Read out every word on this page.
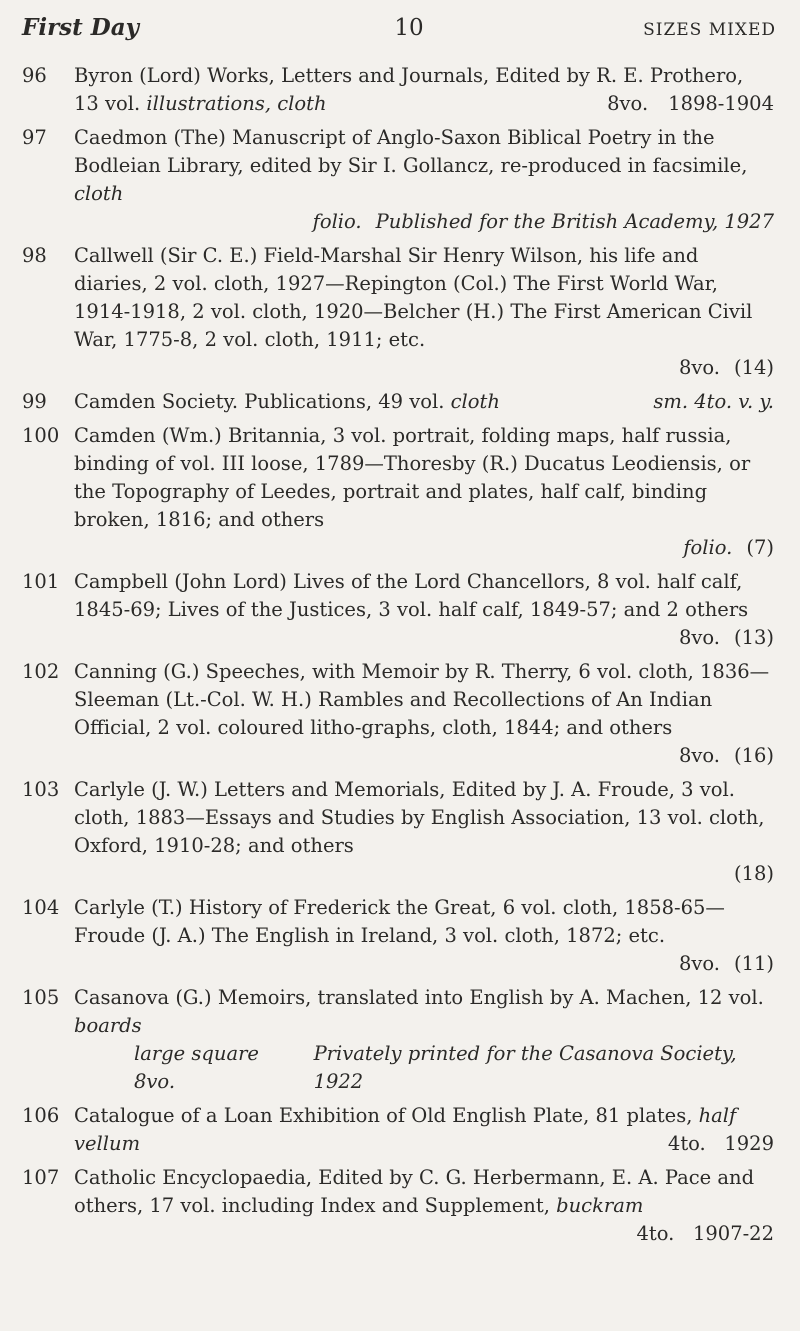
First Day	10	SIZES MIXED
96	Byron (Lord) Works, Letters and Journals, Edited by R. E. Prothero, 13 vol. illustrations, cloth	8vo. 1898-1904
97	Caedmon (The) Manuscript of Anglo-Saxon Biblical Poetry in the Bodleian Library, edited by Sir I. Gollancz, re-produced in facsimile, cloth
folio. Published for the British Academy, 1927
98	Callwell (Sir C. E.) Field-Marshal Sir Henry Wilson, his life and diaries, 2 vol. cloth, 1927—Repington (Col.) The First World War, 1914-1918, 2 vol. cloth, 1920—Belcher (H.) The First American Civil War, 1775-8, 2 vol. cloth, 1911; etc.
8vo. (14)
99	Camden Society. Publications, 49 vol. cloth	sm. 4to. v. y.
100 Camden (Wm.) Britannia, 3 vol. portrait, folding maps, half russia, binding of vol. III loose, 1789—Thoresby (R.) Ducatus Leodiensis, or the Topography of Leedes, portrait and plates, half calf, binding broken, 1816; and others
folio. (7)
101 Campbell (John Lord) Lives of the Lord Chancellors, 8 vol. half calf, 1845-69; Lives of the Justices, 3 vol. half calf, 1849-57; and 2 others
8vo. (13)
102 Canning (G.) Speeches, with Memoir by R. Therry, 6 vol. cloth, 1836—Sleeman (Lt.-Col. W. H.) Rambles and Recollections of An Indian Official, 2 vol. coloured litho-graphs, cloth, 1844; and others
8vo. (16)
103 Carlyle (J. W.) Letters and Memorials, Edited by J. A. Froude, 3 vol. cloth, 1883—Essays and Studies by English Association, 13 vol. cloth, Oxford, 1910-28; and others
(18)
104 Carlyle (T.) History of Frederick the Great, 6 vol. cloth, 1858-65—Froude (J. A.) The English in Ireland, 3 vol. cloth, 1872; etc.
8vo. (11)
105 Casanova (G.) Memoirs, translated into English by A. Machen, 12 vol. boards
large square 8vo.
Privately printed for the Casanova Society, 1922
106 Catalogue of a Loan Exhibition of Old English Plate, 81 plates, half vellum	4to. 1929
107 Catholic Encyclopaedia, Edited by C. G. Herbermann, E. A. Pace and others, 17 vol. including Index and Supplement, buckram
4to. 1907-22
